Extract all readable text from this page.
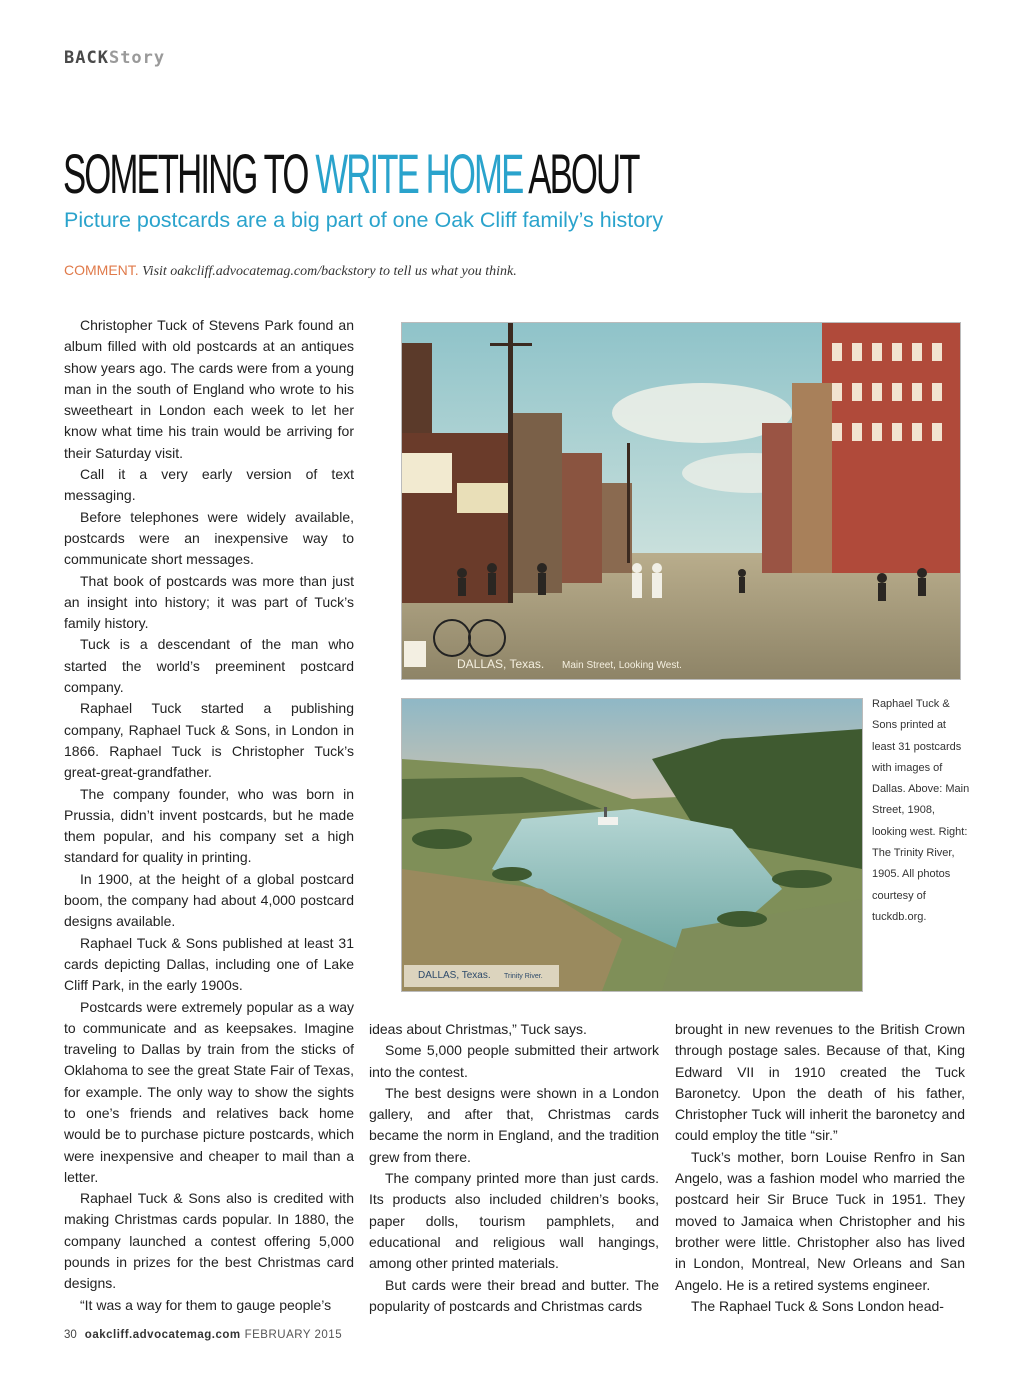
BACKStory
SOMETHING TO WRITE HOME ABOUT
Picture postcards are a big part of one Oak Cliff family’s history
COMMENT. Visit oakcliff.advocatemag.com/backstory to tell us what you think.

Christopher Tuck of Stevens Park found an album filled with old postcards at an antiques show years ago. The cards were from a young man in the south of England who wrote to his sweetheart in London each week to let her know what time his train would be arriving for their Saturday visit.

Call it a very early version of text messaging.

Before telephones were widely available, postcards were an inexpensive way to communicate short messages.

That book of postcards was more than just an insight into history; it was part of Tuck’s family history.

Tuck is a descendant of the man who started the world’s preeminent postcard company.

Raphael Tuck started a publishing company, Raphael Tuck & Sons, in London in 1866. Raphael Tuck is Christopher Tuck’s great-great-grandfather.

The company founder, who was born in Prussia, didn’t invent postcards, but he made them popular, and his company set a high standard for quality in printing.

In 1900, at the height of a global postcard boom, the company had about 4,000 postcard designs available.

Raphael Tuck & Sons published at least 31 cards depicting Dallas, including one of Lake Cliff Park, in the early 1900s.

Postcards were extremely popular as a way to communicate and as keepsakes. Imagine traveling to Dallas by train from the sticks of Oklahoma to see the great State Fair of Texas, for example. The only way to show the sights to one’s friends and relatives back home would be to purchase picture postcards, which were inexpensive and cheaper to mail than a letter.

Raphael Tuck & Sons also is credited with making Christmas cards popular. In 1880, the company launched a contest offering 5,000 pounds in prizes for the best Christmas card designs.

“It was a way for them to gauge people’s

DALLAS, Texas. Main Street, Looking West.
DALLAS, Texas. Trinity River.
Raphael Tuck & Sons printed at least 31 postcards with images of Dallas. Above: Main Street, 1908, looking west. Right: The Trinity River, 1905. All photos courtesy of tuckdb.org.

ideas about Christmas,” Tuck says.

Some 5,000 people submitted their artwork into the contest.

The best designs were shown in a London gallery, and after that, Christmas cards became the norm in England, and the tradition grew from there.

The company printed more than just cards. Its products also included children’s books, paper dolls, tourism pamphlets, and educational and religious wall hangings, among other printed materials.

But cards were their bread and butter. The popularity of postcards and Christmas cards

brought in new revenues to the British Crown through postage sales. Because of that, King Edward VII in 1910 created the Tuck Baronetcy. Upon the death of his father, Christopher Tuck will inherit the baronetcy and could employ the title “sir.”

Tuck’s mother, born Louise Renfro in San Angelo, was a fashion model who married the postcard heir Sir Bruce Tuck in 1951. They moved to Jamaica when Christopher and his brother were little. Christopher also has lived in London, Montreal, New Orleans and San Angelo. He is a retired systems engineer.

The Raphael Tuck & Sons London head-

30 oakcliff.advocatemag.com FEBRUARY 2015
